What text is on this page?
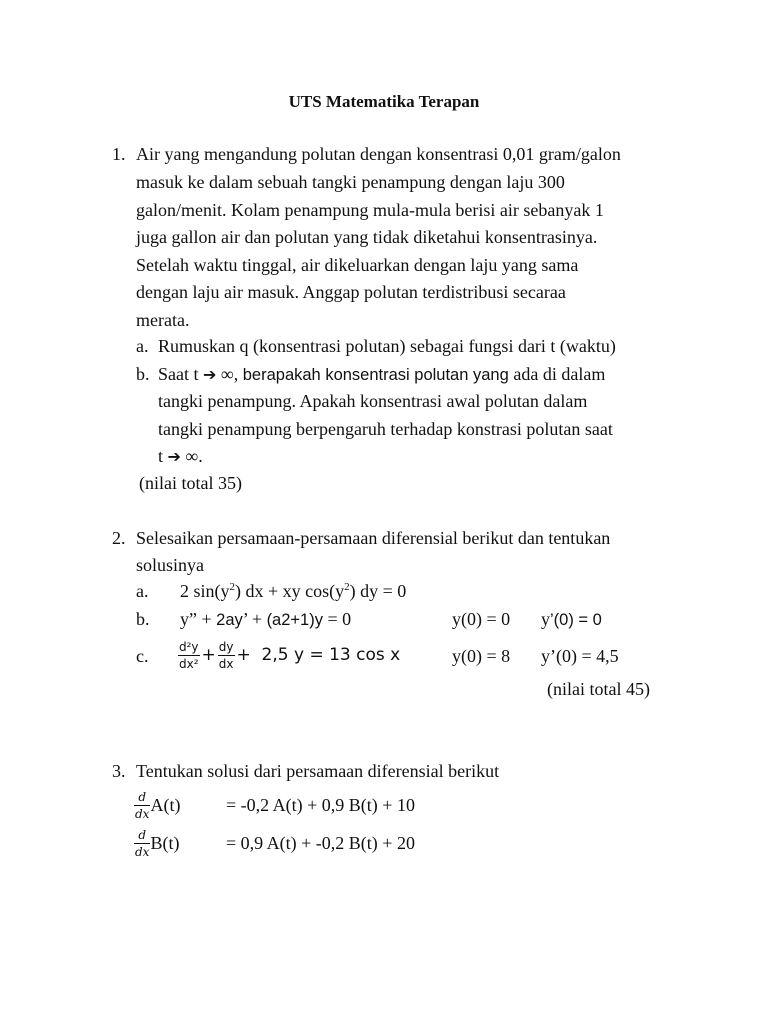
UTS Matematika Terapan
1. Air yang mengandung polutan dengan konsentrasi 0,01 gram/galon
masuk ke dalam sebuah tangki penampung dengan laju 300
galon/menit. Kolam penampung mula-mula berisi air sebanyak 1
juga gallon air dan polutan yang tidak diketahui konsentrasinya.
Setelah waktu tinggal, air dikeluarkan dengan laju yang sama
dengan laju air masuk. Anggap polutan terdistribusi secaraa
merata.
a. Rumuskan q (konsentrasi polutan) sebagai fungsi dari t (waktu)
b. Saat t ➔ ∞, berapakah konsentrasi polutan yang ada di dalam
tangki penampung. Apakah konsentrasi awal polutan dalam
tangki penampung berpengaruh terhadap konstrasi polutan saat
t ➔ ∞.
(nilai total 35)
2. Selesaikan persamaan-persamaan diferensial berikut dan tentukan
solusinya
a. 2 $\sin(y^2)$ dx + xy $\cos(y^2)$ dy = 0
b. y” + 2ay’ + (a2+1)y = 0	y(0) = 0 y’(0) = 0
c. $\frac{\text{d²y}}{\text{dx²}} + \frac{dy}{dx} + 2,5$ y = 13 cos x	y(0) = 8 y’(0) = 4,5
(nilai total 45)
3. Tentukan solusi dari persamaan diferensial berikut
$\frac{d}{dx} A(t)$	= -0,2 A(t) + 0,9 B(t) + 10
$\frac{d}{dx} B(t)$	= 0,9 A(t) + -0,2 B(t) + 20
